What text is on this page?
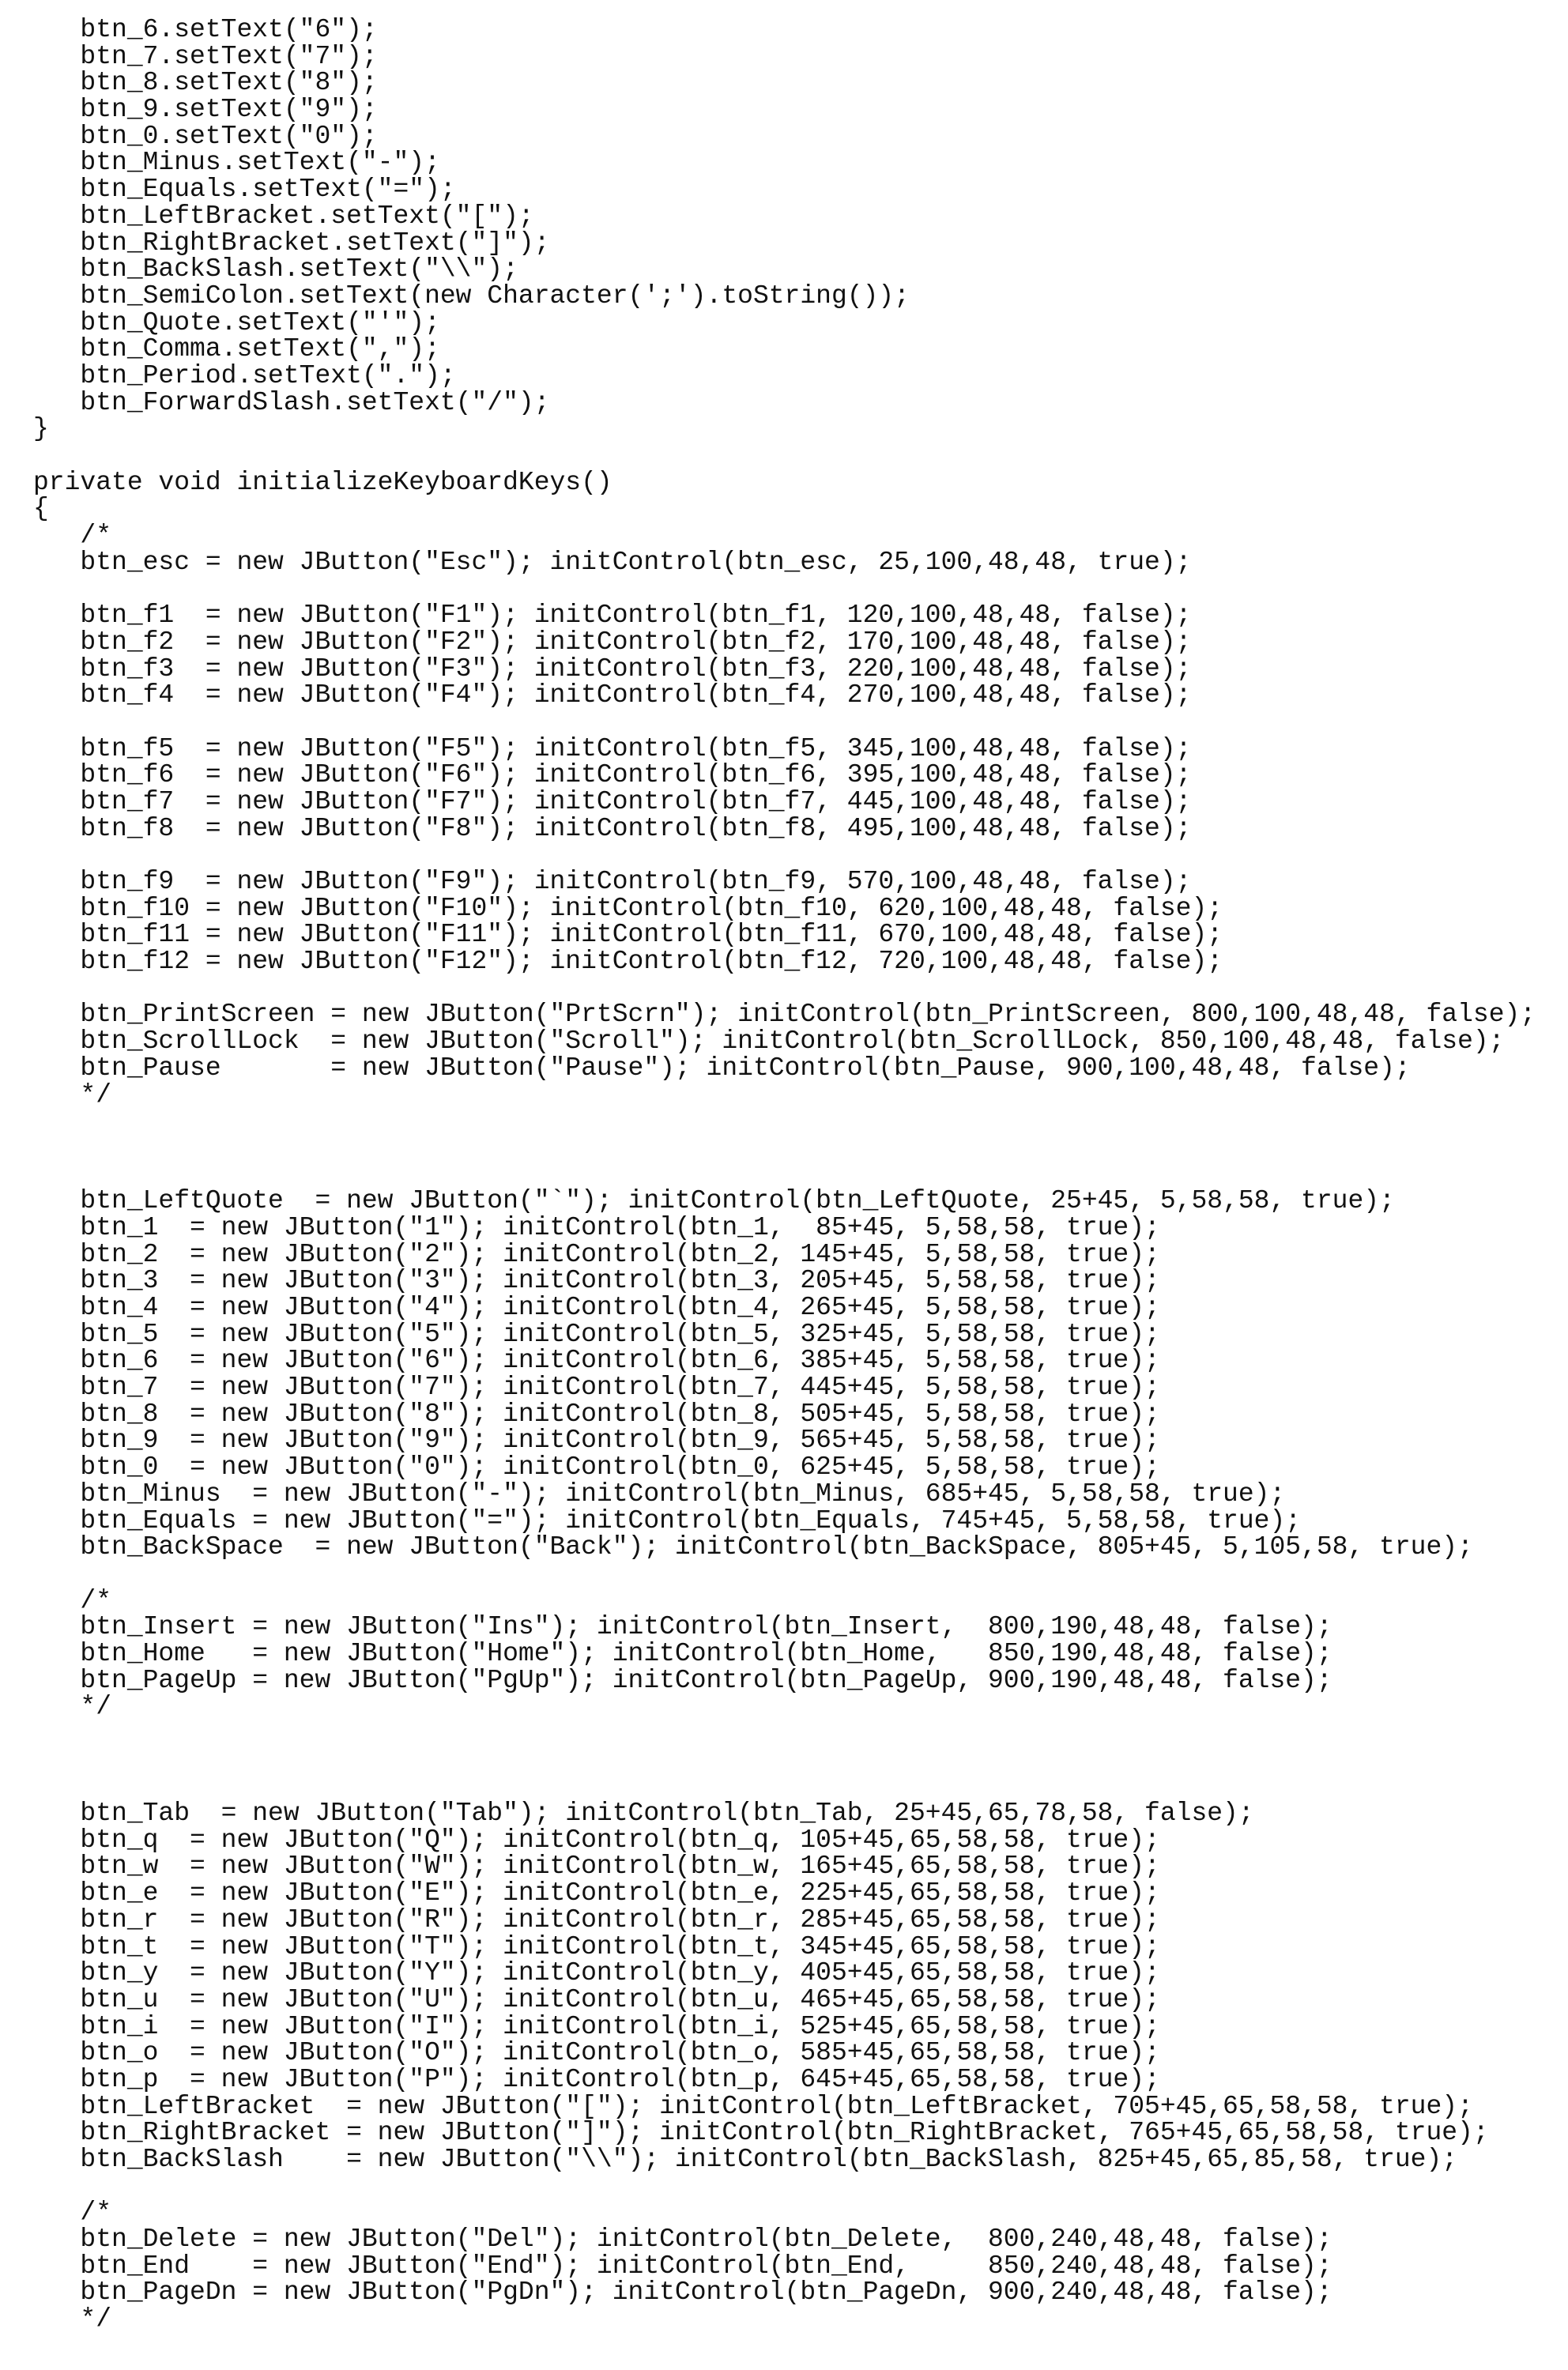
btn_6.setText("6");
btn_7.setText("7");
btn_8.setText("8");
btn_9.setText("9");
btn_0.setText("0");
btn_Minus.setText("-");
btn_Equals.setText("=");
btn_LeftBracket.setText("[");
btn_RightBracket.setText("]");
btn_BackSlash.setText("\\");
btn_SemiColon.setText(new Character(';').toString());
btn_Quote.setText("'");
btn_Comma.setText(",");
btn_Period.setText(".");
btn_ForwardSlash.setText("/");
}
private void initializeKeyboardKeys()
{
/*
btn_esc = new JButton("Esc"); initControl(btn_esc, 25,100,48,48, true);
btn_f1  = new JButton("F1"); initControl(btn_f1, 120,100,48,48, false);
btn_f2  = new JButton("F2"); initControl(btn_f2, 170,100,48,48, false);
btn_f3  = new JButton("F3"); initControl(btn_f3, 220,100,48,48, false);
btn_f4  = new JButton("F4"); initControl(btn_f4, 270,100,48,48, false);
btn_f5  = new JButton("F5"); initControl(btn_f5, 345,100,48,48, false);
btn_f6  = new JButton("F6"); initControl(btn_f6, 395,100,48,48, false);
btn_f7  = new JButton("F7"); initControl(btn_f7, 445,100,48,48, false);
btn_f8  = new JButton("F8"); initControl(btn_f8, 495,100,48,48, false);
btn_f9  = new JButton("F9"); initControl(btn_f9, 570,100,48,48, false);
btn_f10 = new JButton("F10"); initControl(btn_f10, 620,100,48,48, false);
btn_f11 = new JButton("F11"); initControl(btn_f11, 670,100,48,48, false);
btn_f12 = new JButton("F12"); initControl(btn_f12, 720,100,48,48, false);
btn_PrintScreen = new JButton("PrtScrn"); initControl(btn_PrintScreen, 800,100,48,48, false);
btn_ScrollLock  = new JButton("Scroll"); initControl(btn_ScrollLock, 850,100,48,48, false);
btn_Pause       = new JButton("Pause"); initControl(btn_Pause, 900,100,48,48, false);
*/
btn_LeftQuote  = new JButton("`"); initControl(btn_LeftQuote, 25+45, 5,58,58, true);
btn_1  = new JButton("1"); initControl(btn_1,  85+45, 5,58,58, true);
btn_2  = new JButton("2"); initControl(btn_2, 145+45, 5,58,58, true);
btn_3  = new JButton("3"); initControl(btn_3, 205+45, 5,58,58, true);
btn_4  = new JButton("4"); initControl(btn_4, 265+45, 5,58,58, true);
btn_5  = new JButton("5"); initControl(btn_5, 325+45, 5,58,58, true);
btn_6  = new JButton("6"); initControl(btn_6, 385+45, 5,58,58, true);
btn_7  = new JButton("7"); initControl(btn_7, 445+45, 5,58,58, true);
btn_8  = new JButton("8"); initControl(btn_8, 505+45, 5,58,58, true);
btn_9  = new JButton("9"); initControl(btn_9, 565+45, 5,58,58, true);
btn_0  = new JButton("0"); initControl(btn_0, 625+45, 5,58,58, true);
btn_Minus  = new JButton("-"); initControl(btn_Minus, 685+45, 5,58,58, true);
btn_Equals = new JButton("="); initControl(btn_Equals, 745+45, 5,58,58, true);
btn_BackSpace  = new JButton("Back"); initControl(btn_BackSpace, 805+45, 5,105,58, true);
/*
btn_Insert = new JButton("Ins"); initControl(btn_Insert,  800,190,48,48, false);
btn_Home   = new JButton("Home"); initControl(btn_Home,   850,190,48,48, false);
btn_PageUp = new JButton("PgUp"); initControl(btn_PageUp, 900,190,48,48, false);
*/
btn_Tab  = new JButton("Tab"); initControl(btn_Tab, 25+45,65,78,58, false);
btn_q  = new JButton("Q"); initControl(btn_q, 105+45,65,58,58, true);
btn_w  = new JButton("W"); initControl(btn_w, 165+45,65,58,58, true);
btn_e  = new JButton("E"); initControl(btn_e, 225+45,65,58,58, true);
btn_r  = new JButton("R"); initControl(btn_r, 285+45,65,58,58, true);
btn_t  = new JButton("T"); initControl(btn_t, 345+45,65,58,58, true);
btn_y  = new JButton("Y"); initControl(btn_y, 405+45,65,58,58, true);
btn_u  = new JButton("U"); initControl(btn_u, 465+45,65,58,58, true);
btn_i  = new JButton("I"); initControl(btn_i, 525+45,65,58,58, true);
btn_o  = new JButton("O"); initControl(btn_o, 585+45,65,58,58, true);
btn_p  = new JButton("P"); initControl(btn_p, 645+45,65,58,58, true);
btn_LeftBracket  = new JButton("["); initControl(btn_LeftBracket, 705+45,65,58,58, true);
btn_RightBracket = new JButton("]"); initControl(btn_RightBracket, 765+45,65,58,58, true);
btn_BackSlash    = new JButton("\\"); initControl(btn_BackSlash, 825+45,65,85,58, true);
/*
btn_Delete = new JButton("Del"); initControl(btn_Delete,  800,240,48,48, false);
btn_End    = new JButton("End"); initControl(btn_End,     850,240,48,48, false);
btn_PageDn = new JButton("PgDn"); initControl(btn_PageDn, 900,240,48,48, false);
*/
